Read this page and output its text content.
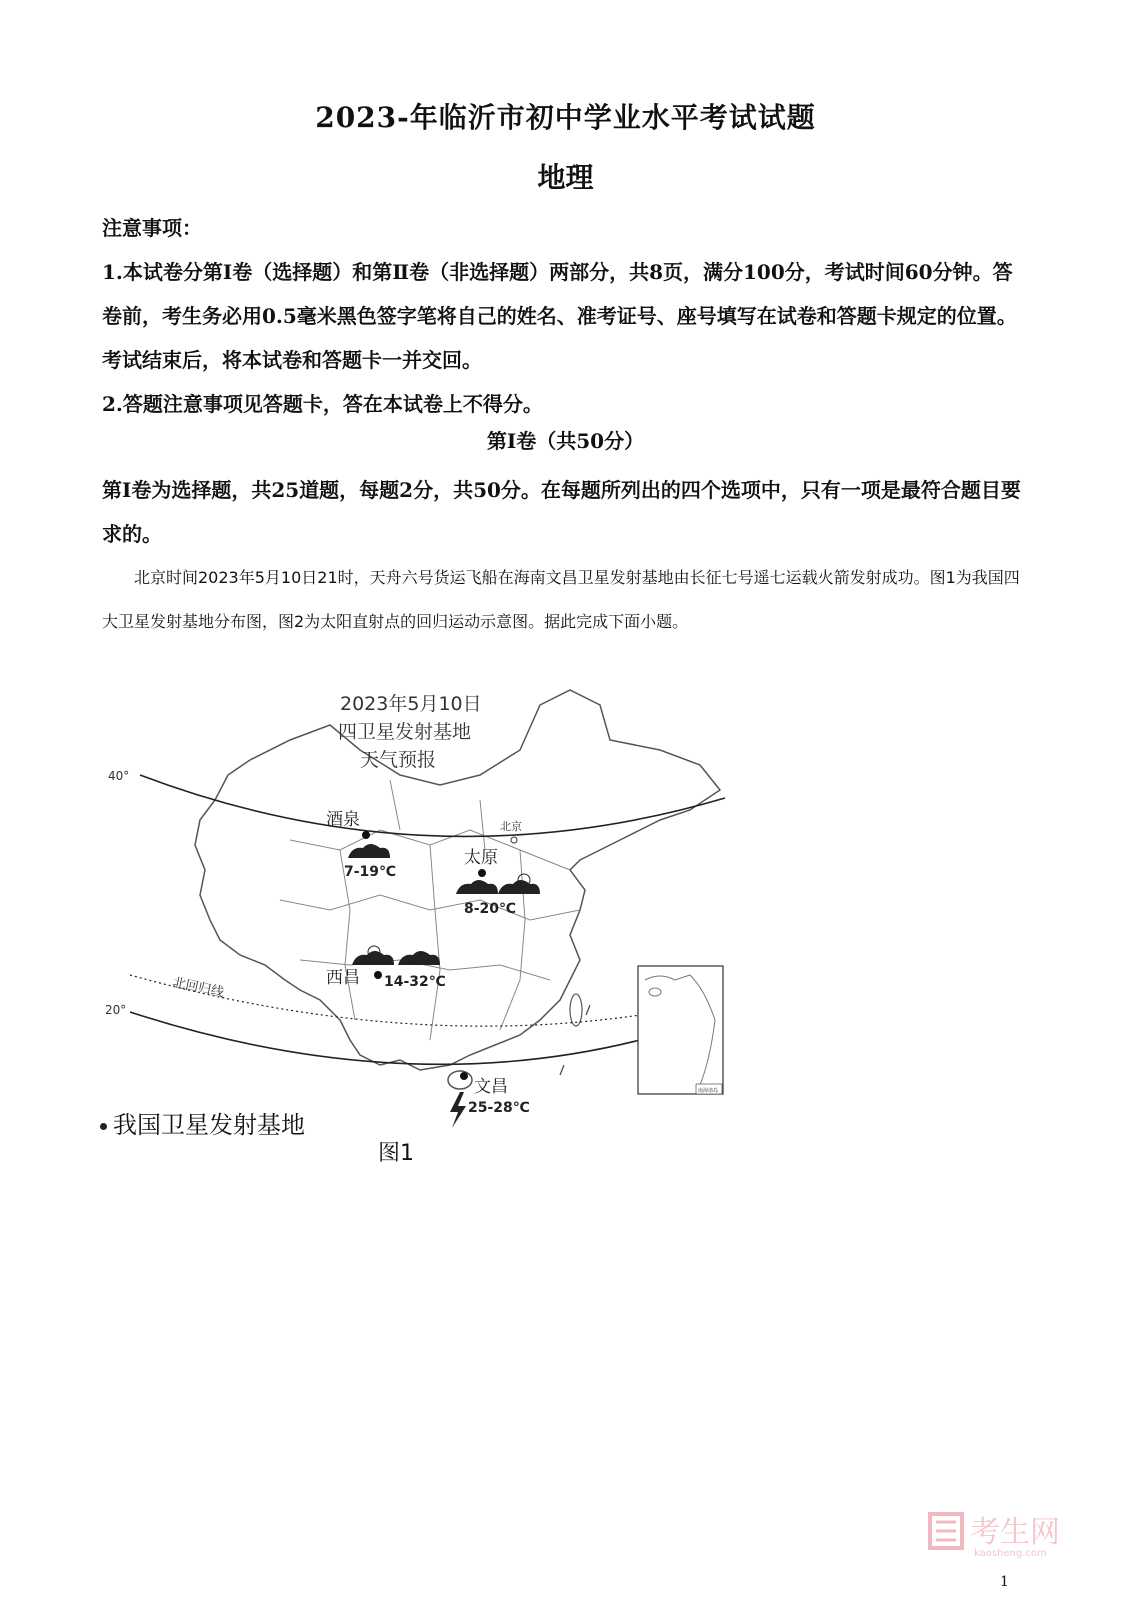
2023-年临沂市初中学业水平考试试题
地理
注意事项：
1.本试卷分第Ⅰ卷（选择题）和第Ⅱ卷（非选择题）两部分，共8页，满分100分，考试时间60分钟。答卷前，考生务必用0.5毫米黑色签字笔将自己的姓名、准考证号、座号填写在试卷和答题卡规定的位置。考试结束后，将本试卷和答题卡一并交回。
2.答题注意事项见答题卡，答在本试卷上不得分。
第Ⅰ卷（共50分）
第Ⅰ卷为选择题，共25道题，每题2分，共50分。在每题所列出的四个选项中，只有一项是最符合题目要求的。
北京时间2023年5月10日21时，天舟六号货运飞船在海南文昌卫星发射基地由长征七号遥七运载火箭发射成功。图1为我国四大卫星发射基地分布图，图2为太阳直射点的回归运动示意图。据此完成下面小题。
40°
北回归线
20°
2023年5月10日
四卫星发射基地
天气预报
北京
酒泉
7-19℃
太原
8-20℃
西昌 14-32℃
文昌
25-28℃
南海诸岛
我国卫星发射基地
图1
考生网
kaosheng.com
1
